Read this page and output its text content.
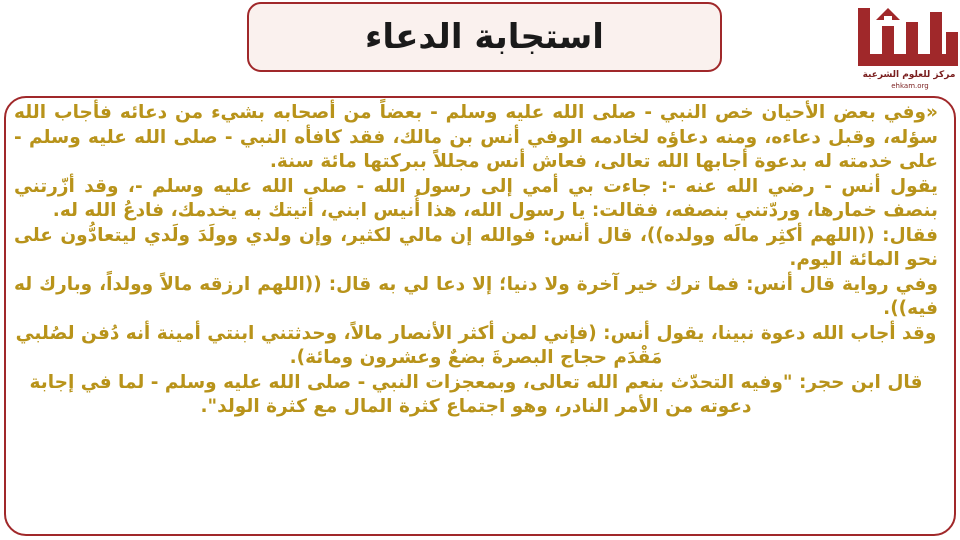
استجابة الدعاء
مركز للعلوم الشرعية
ehkam.org

«وفي بعض الأحيان خص النبي - صلى الله عليه وسلم - بعضاً من أصحابه بشيء من دعائه فأجاب الله سؤله، وقبل دعاءه، ومنه دعاؤه لخادمه الوفي أنس بن مالك، فقد كافأه النبي - صلى الله عليه وسلم - على خدمته له بدعوة أجابها الله تعالى، فعاش أنس مجللاً ببركتها مائة سنة.

يقول أنس - رضي الله عنه -: جاءت بي أمي إلى رسول الله - صلى الله عليه وسلم -، وقد أزّرتني بنصف خمارها، وردّتني بنصفه، فقالت: يا رسول الله، هذا أُنيس ابني، أتيتك به يخدمك، فادعُ الله له.

فقال: ((اللهم أكثِر مالَه وولده))، قال أنس: فوالله إن مالي لكثير، وإن ولدي وولَدَ ولَدي ليتعادُّون على نحو المائة اليوم.

وفي رواية قال أنس: فما ترك خير آخرة ولا دنيا؛ إلا دعا لي به قال: ((اللهم ارزقه مالاً وولداً، وبارك له فيه)).

وقد أجاب الله دعوة نبينا، يقول أنس: (فإني لمن أكثر الأنصار مالاً، وحدثتني ابنتي أمينة أنه دُفن لصُلبي مَقْدَم حجاج البصرةَ بضعٌ وعشرون ومائة).

قال ابن حجر: "وفيه التحدّث بنعم الله تعالى، وبمعجزات النبي - صلى الله عليه وسلم - لما في إجابة دعوته من الأمر النادر، وهو اجتماع كثرة المال مع كثرة الولد".
